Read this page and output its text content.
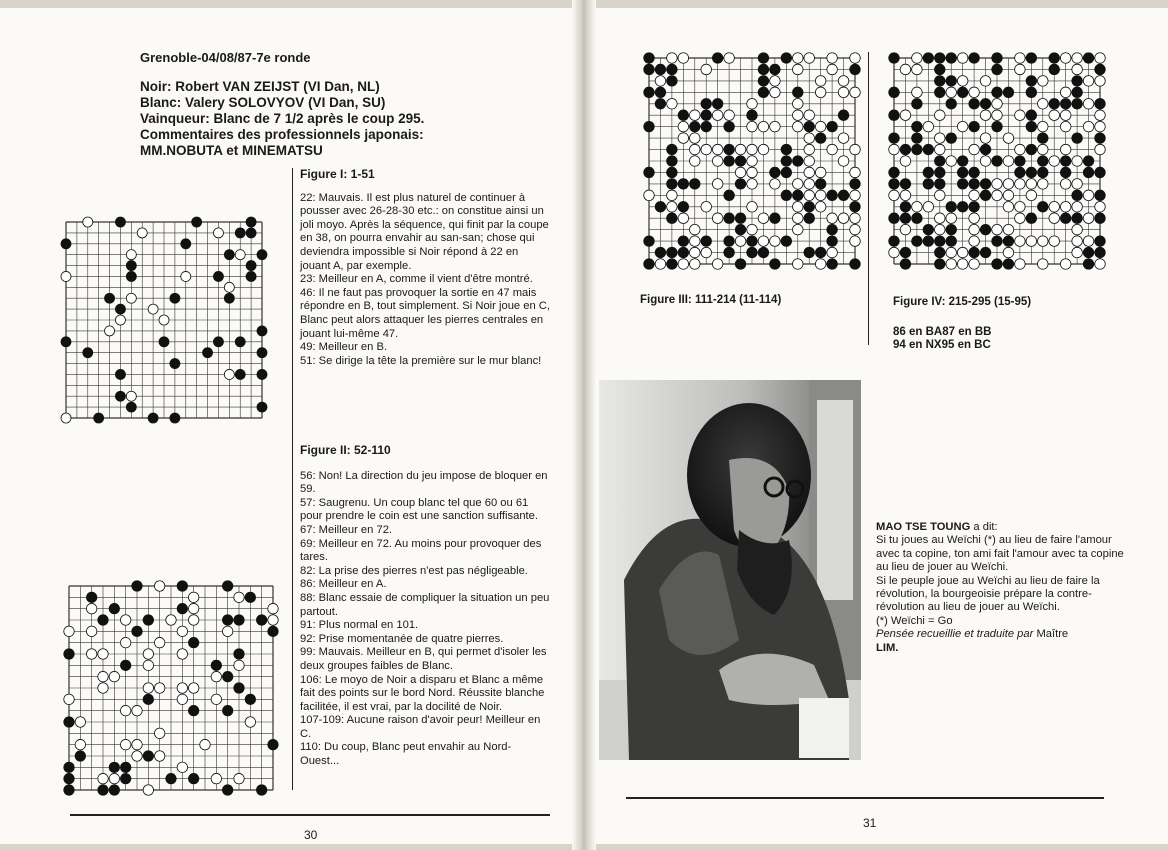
Grenoble-04/08/87-7e ronde
Noir: Robert VAN ZEIJST (VI Dan, NL)
Blanc: Valery SOLOVYOV (VI Dan, SU)
Vainqueur: Blanc de 7 1/2 après le coup 295.
Commentaires des professionnels japonais:
MM.NOBUTA et MINEMATSU
Figure I: 1-51

22: Mauvais. Il est plus naturel de continuer à pousser avec 26-28-30 etc.: on constitue ainsi un joli moyo. Après la séquence, qui finit par la coupe en 38, on pourra envahir au san-san; chose qui deviendra impossible si Noir répond à 22 en jouant A, par exemple.

23: Meilleur en A, comme il vient d'être montré.

46: Il ne faut pas provoquer la sortie en 47 mais répondre en B, tout simplement. Si Noir joue en C, Blanc peut alors attaquer les pierres centrales en jouant lui-même 47.

49: Meilleur en B.

51: Se dirige la tête la première sur le mur blanc!

Figure II: 52-110

56: Non! La direction du jeu impose de bloquer en 59.

57: Saugrenu. Un coup blanc tel que 60 ou 61 pour prendre le coin est une sanction suffisante.

67: Meilleur en 72.

69: Meilleur en 72. Au moins pour provoquer des tares.

82: La prise des pierres n'est pas négligeable.

86: Meilleur en A.

88: Blanc essaie de compliquer la situation un peu partout.

91: Plus normal en 101.

92: Prise momentanée de quatre pierres.

99: Mauvais. Meilleur en B, qui permet d'isoler les deux groupes faibles de Blanc.

106: Le moyo de Noir a disparu et Blanc a même fait des points sur le bord Nord. Réussite blanche facilitée, il est vrai, par la docilité de Noir.

107-109: Aucune raison d'avoir peur! Meilleur en C.

110: Du coup, Blanc peut envahir au Nord-Ouest...

30
Figure III: 111-214 (11-114)	Figure IV: 215-295 (15-95)
86 en BA87 en BB
94 en NX95 en BC

MAO TSE TOUNG a dit:

Si tu joues au Weïchi (*) au lieu de faire l'amour avec ta copine, ton ami fait l'amour avec ta copine au lieu de jouer au Weïchi.

Si le peuple joue au Weïchi au lieu de faire la révolution, la bourgeoisie prépare la contre-révolution au lieu de jouer au Weïchi.

(*) Weïchi = Go

Pensée recueillie et traduite par Maître
LIM.

31
